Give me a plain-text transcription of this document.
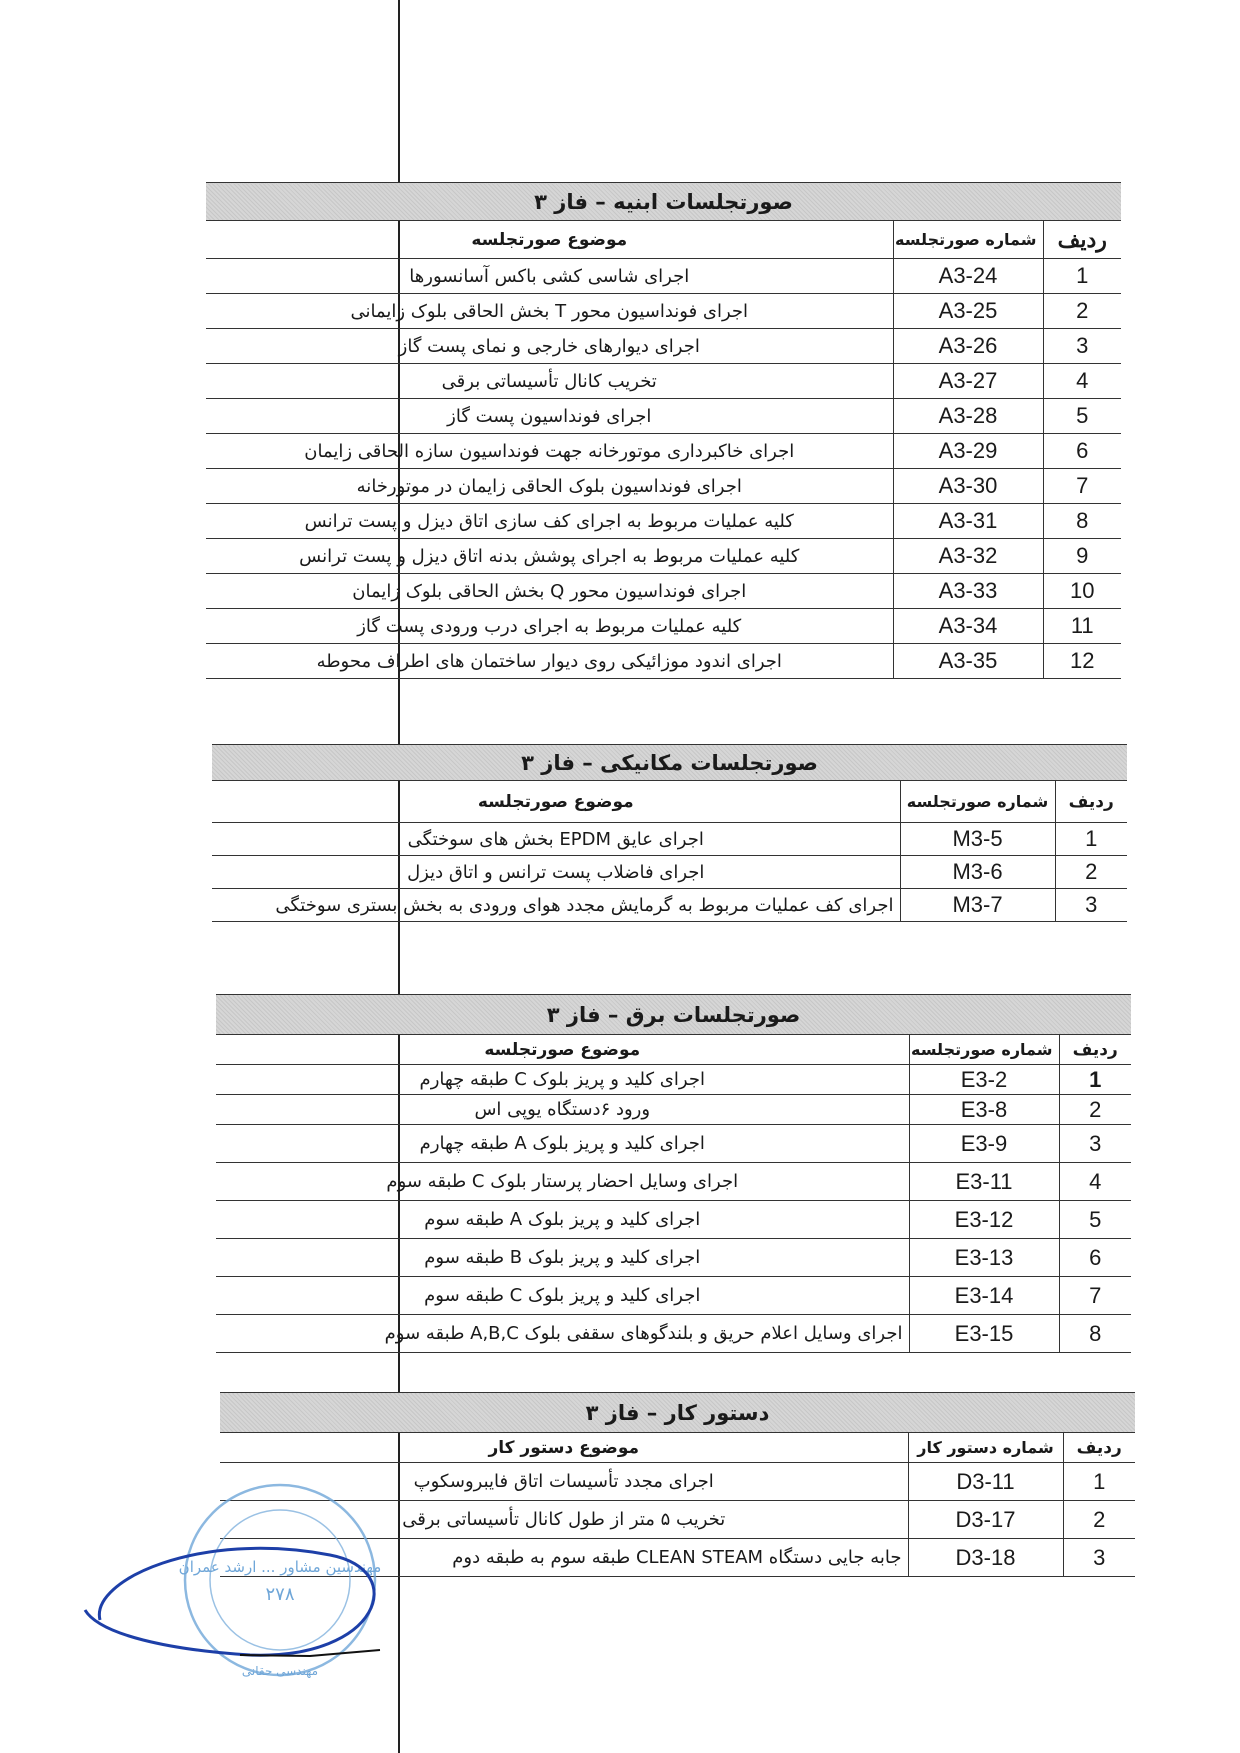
صورتجلسات ابنیه – فاز ۳		
ردیف	شماره صورتجلسه	موضوع صورتجلسه
1	A3-24	اجرای شاسی کشی باکس آسانسورها
2	A3-25	اجرای فونداسیون محور T بخش الحاقی بلوک زایمانی
3	A3-26	اجرای دیوارهای خارجی و نمای پست گاز
4	A3-27	تخریب کانال تأسیساتی برقی
5	A3-28	اجرای فونداسیون پست گاز
6	A3-29	اجرای خاکبرداری موتورخانه جهت فونداسیون سازه الحاقی زایمان
7	A3-30	اجرای فونداسیون بلوک الحاقی زایمان در موتورخانه
8	A3-31	کلیه عملیات مربوط به اجرای کف سازی اتاق دیزل و پست ترانس
9	A3-32	کلیه عملیات مربوط به اجرای پوشش بدنه اتاق دیزل و پست ترانس
10	A3-33	اجرای فونداسیون محور Q بخش الحاقی بلوک زایمان
11	A3-34	کلیه عملیات مربوط به اجرای درب ورودی پست گاز
12	A3-35	اجرای اندود موزائیکی روی دیوار ساختمان های اطراف محوطه
صورتجلسات مکانیکی – فاز ۳		
ردیف	شماره صورتجلسه	موضوع صورتجلسه
1	M3-5	اجرای عایق EPDM بخش های سوختگی
2	M3-6	اجرای فاضلاب پست ترانس و اتاق دیزل
3	M3-7	اجرای کف عملیات مربوط به گرمایش مجدد هوای ورودی به بخش بستری سوختگی
صورتجلسات برق – فاز ۳		
ردیف	شماره صورتجلسه	موضوع صورتجلسه
1	E3-2	اجرای کلید و پریز بلوک C طبقه چهارم
2	E3-8	ورود ۶دستگاه یوپی اس
3	E3-9	اجرای کلید و پریز بلوک A طبقه چهارم
4	E3-11	اجرای وسایل احضار پرستار بلوک C طبقه سوم
5	E3-12	اجرای کلید و پریز بلوک A طبقه سوم
6	E3-13	اجرای کلید و پریز بلوک B طبقه سوم
7	E3-14	اجرای کلید و پریز بلوک C طبقه سوم
8	E3-15	اجرای وسایل اعلام حریق و بلندگوهای سقفی بلوک A,B,C طبقه سوم
دستور کار – فاز ۳		
ردیف	شماره دستور کار	موضوع دستور کار
1	D3-11	اجرای مجدد تأسیسات اتاق فایبروسکوپ
2	D3-17	تخریب ۵ متر از طول کانال تأسیساتی برقی
3	D3-18	جابه جایی دستگاه CLEAN STEAM طبقه سوم به طبقه دوم
مهندسین مشاور ... ارشد عمران
۲۷۸
مهندسی حقانی
